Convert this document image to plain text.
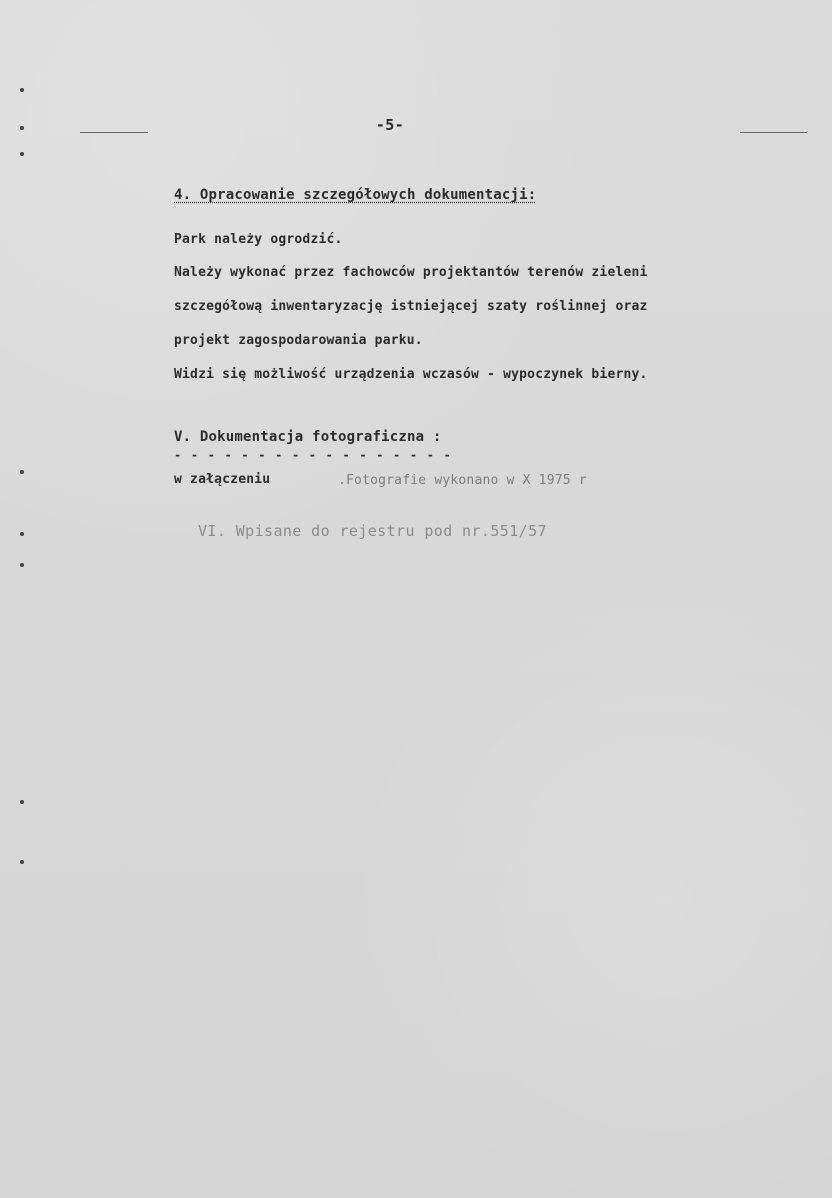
-5-
4. Opracowanie szczegółowych dokumentacji:
Park należy ogrodzić.
Należy wykonać przez fachowców projektantów terenów zieleni
szczegółową inwentaryzację istniejącej szaty roślinnej oraz
projekt zagospodarowania parku.
Widzi się możliwość urządzenia wczasów - wypoczynek bierny.
V. Dokumentacja fotograficzna :
- - - - - - - - - - - - - - - - -
w załączeniu	.Fotografie wykonano w X 1975 r
VI. Wpisane do rejestru pod nr.551/57
